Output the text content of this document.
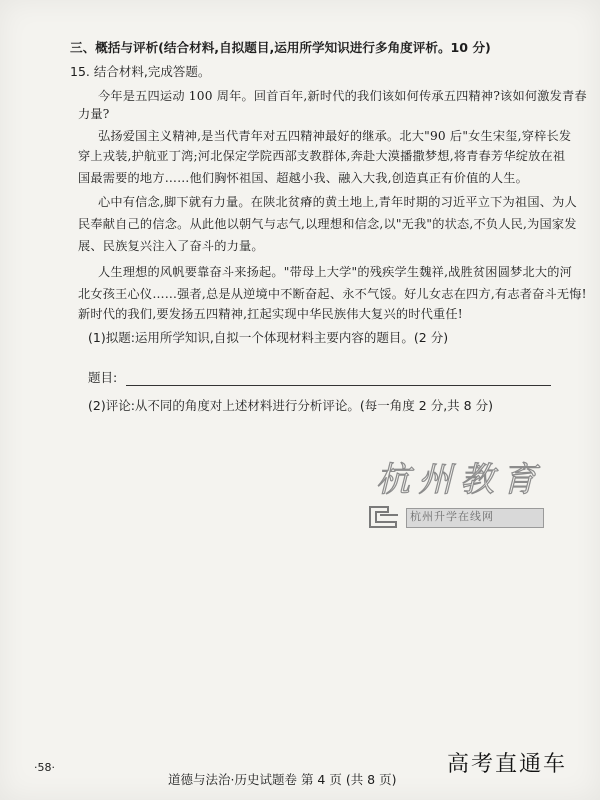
三、概括与评析(结合材料,自拟题目,运用所学知识进行多角度评析。10 分)
15. 结合材料,完成答题。
今年是五四运动 100 周年。回首百年,新时代的我们该如何传承五四精神?该如何激发青春
力量?
弘扬爱国主义精神,是当代青年对五四精神最好的继承。北大"90 后"女生宋玺,穿梓长发
穿上戎装,护航亚丁湾;河北保定学院西部支教群体,奔赴大漠播撒梦想,将青春芳华绽放在祖
国最需要的地方……他们胸怀祖国、超越小我、融入大我,创造真正有价值的人生。
心中有信念,脚下就有力量。在陕北贫瘠的黄土地上,青年时期的习近平立下为祖国、为人
民奉献自己的信念。从此他以朝气与志气,以理想和信念,以"无我"的状态,不负人民,为国家发
展、民族复兴注入了奋斗的力量。
人生理想的风帆要靠奋斗来扬起。"带母上大学"的残疾学生魏祥,战胜贫困圆梦北大的河
北女孩王心仪……强者,总是从逆境中不断奋起、永不气馁。好儿女志在四方,有志者奋斗无悔!
新时代的我们,要发扬五四精神,扛起实现中华民族伟大复兴的时代重任!
(1)拟题:运用所学知识,自拟一个体现材料主要内容的题目。(2 分)
题目:
(2)评论:从不同的角度对上述材料进行分析评论。(每一角度 2 分,共 8 分)
杭州教育
杭州升学在线网
·58·
道德与法治·历史试题卷 第 4 页 (共 8 页)
高考直通车
